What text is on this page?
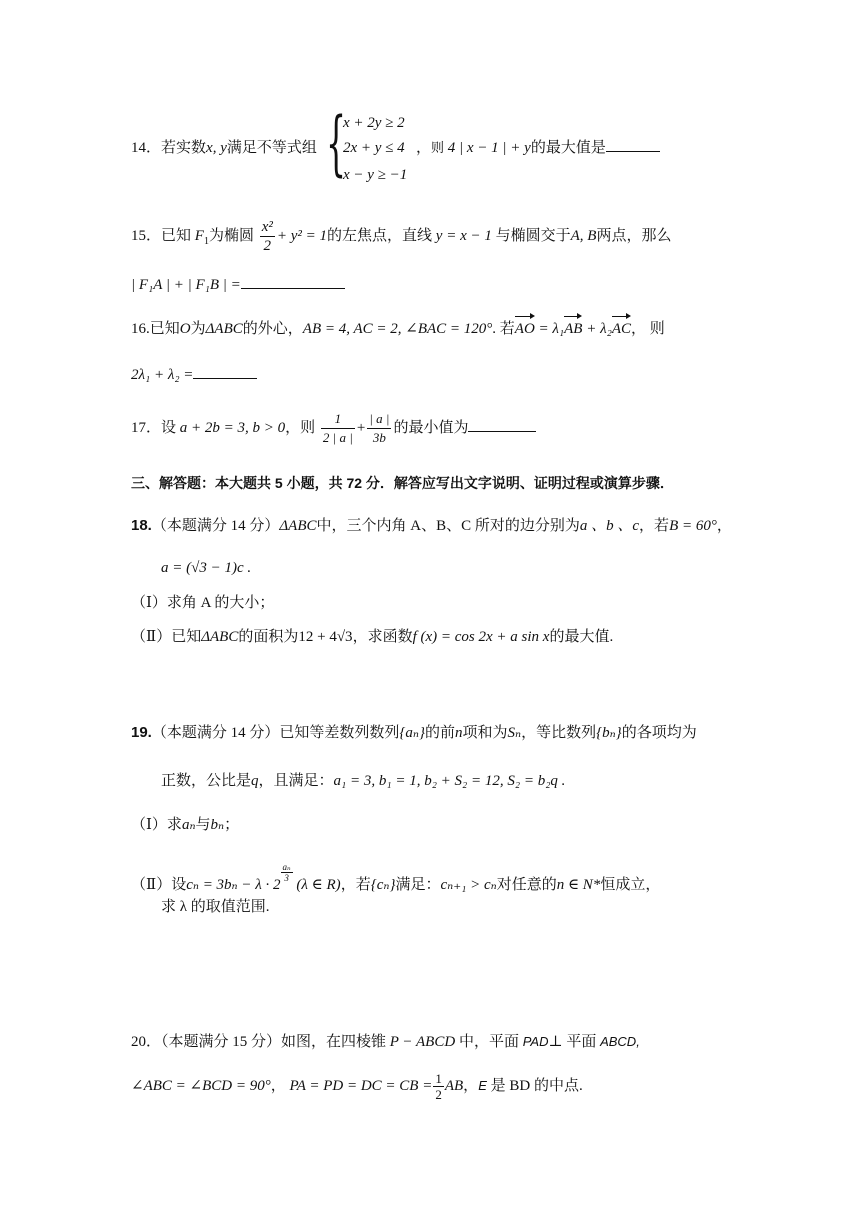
14．若实数x, y满足不等式组 {
x + 2y ≥ 2
2x + y ≤ 4
x − y ≥ −1
，则 4 | x − 1 | + y的最大值是
15．已知 $F_1$为椭圆 $\frac{\text{x²}}{2} + y^2 = 1$的左焦点，直线 y = x − 1 与椭圆交于A, B两点，那么
| F₁A | + | F₁B | =
16.已知O为ΔABC的外心，AB = 4, AC = 2, ∠BAC = 120°. 若AO = λ₁AB + λ₂AC， 则
2λ₁ + λ₂ =
17．设 a + 2b = 3, b > 0，则 $\frac{1}{2 | a |} + \frac{| a |}{3b}$ 的最小值为
三、解答题：本大题共 5 小题，共 72 分．解答应写出文字说明、证明过程或演算步骤．
18.（本题满分 14 分）ΔABC中，三个内角 A、B、C 所对的边分别为a 、b 、c，若B = 60°，
a = (√3 − 1)c .
（Ⅰ）求角 A 的大小；
（Ⅱ）已知ΔABC的面积为12 + 4√3，求函数f (x) = cos 2x + a sin x的最大值.
19.（本题满分 14 分）已知等差数列数列{aₙ}的前n项和为Sₙ，等比数列{bₙ}的各项均为
正数，公比是q，且满足：a₁ = 3, b₁ = 1, b₂ + S₂ = 12, S₂ = b₂q .
（Ⅰ）求aₙ与bₙ；
（Ⅱ）设cₙ = 3bₙ − λ · 2
$\frac{\text{aₙ}}{3}$
(λ ∈ R)，若{cₙ}满足：cₙ₊₁ > cₙ对任意的n ∈ N*恒成立，
求 λ 的取值范围.
20．（本题满分 15 分）如图，在四棱锥 P − ABCD 中，平面 PAD⊥ 平面 ABCD,
∠ABC = ∠BCD = 90°， PA = PD = DC = CB = $\frac{1}{2}$ AB，E 是 BD 的中点.
